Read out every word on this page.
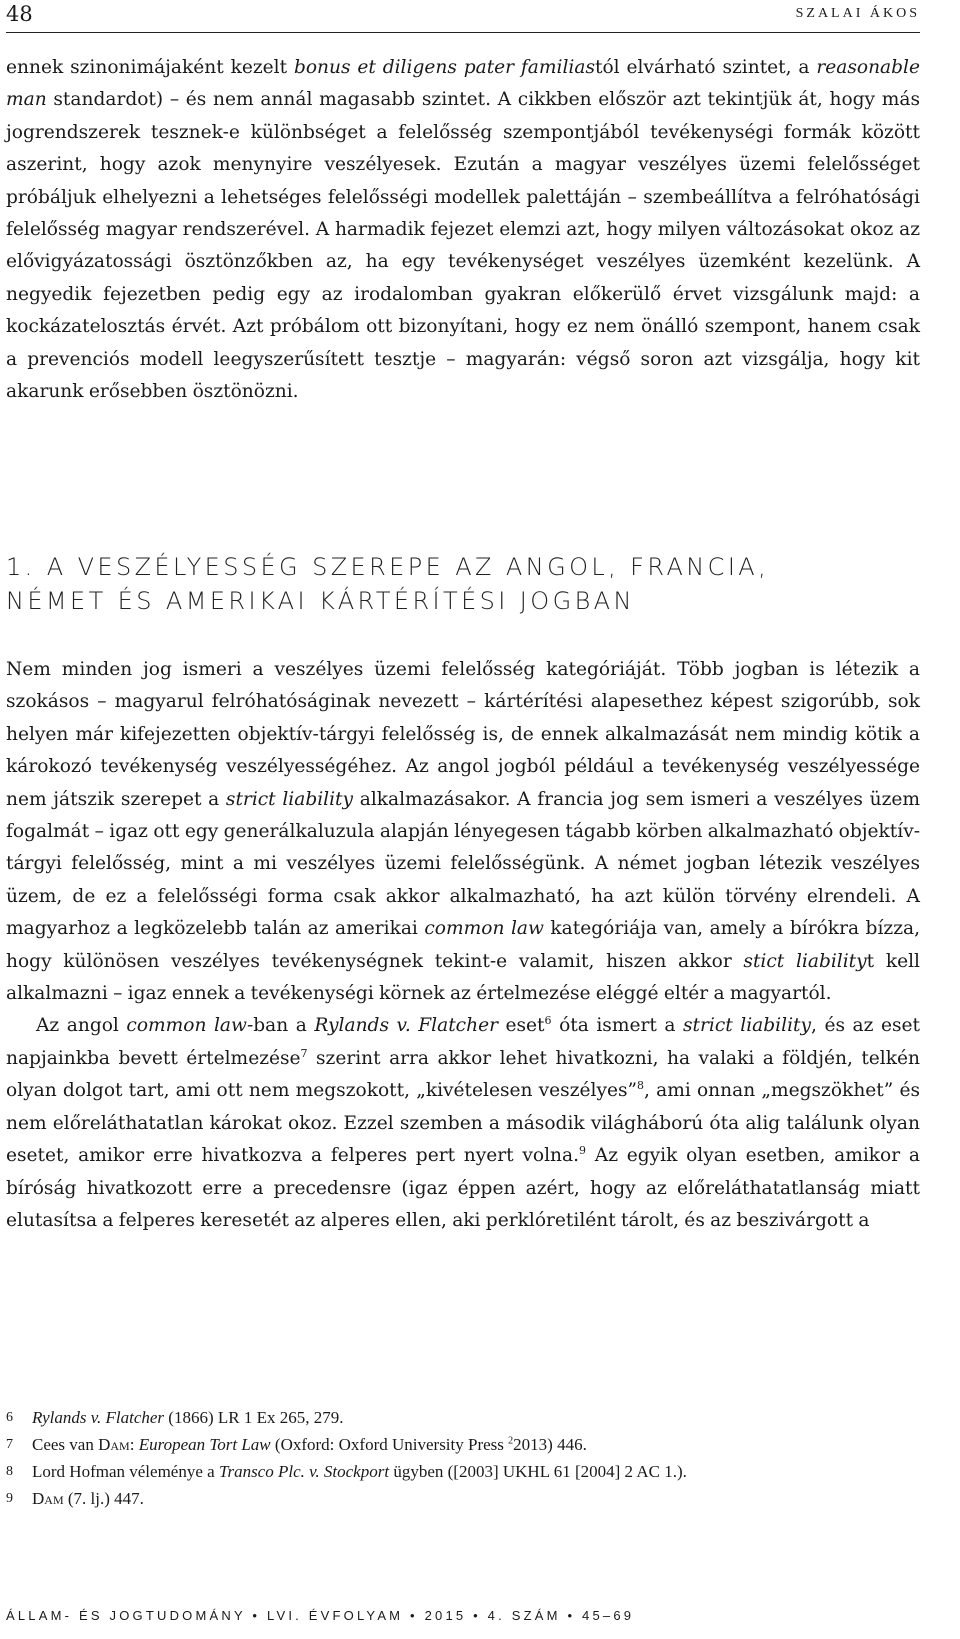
48	SZALAI ÁKOS

ennek szinonimájaként kezelt bonus et diligens pater familiastól elvárható szintet, a reasonable man standardot) – és nem annál magasabb szintet. A cikkben először azt tekintjük át, hogy más jogrendszerek tesznek-e különbséget a felelősség szempontjából tevékenységi formák között aszerint, hogy azok menynyire veszélyesek. Ezután a magyar veszélyes üzemi felelősséget próbáljuk elhelyezni a lehetséges felelősségi modellek palettáján – szembeállítva a felróhatósági felelősség magyar rendszerével. A harmadik fejezet elemzi azt, hogy milyen változásokat okoz az elővigyázatossági ösztönzőkben az, ha egy tevékenységet veszélyes üzemként kezelünk. A negyedik fejezetben pedig egy az irodalomban gyakran előkerülő érvet vizsgálunk majd: a kockázatelosztás érvét. Azt próbálom ott bizonyítani, hogy ez nem önálló szempont, hanem csak a prevenciós modell leegyszerűsített tesztje – magyarán: végső soron azt vizsgálja, hogy kit akarunk erősebben ösztönözni.

1. A VESZÉLYESSÉG SZEREPE AZ ANGOL, FRANCIA,
NÉMET ÉS AMERIKAI KÁRTÉRÍTÉSI JOGBAN

Nem minden jog ismeri a veszélyes üzemi felelősség kategóriáját. Több jogban is létezik a szokásos – magyarul felróhatóságinak nevezett – kártérítési alapesethez képest szigorúbb, sok helyen már kifejezetten objektív-tárgyi felelősség is, de ennek alkalmazását nem mindig kötik a károkozó tevékenység veszélyességéhez. Az angol jogból például a tevékenység veszélyessége nem játszik szerepet a strict liability alkalmazásakor. A francia jog sem ismeri a veszélyes üzem fogalmát – igaz ott egy generálkaluzula alapján lényegesen tágabb körben alkalmazható objektív-tárgyi felelősség, mint a mi veszélyes üzemi felelősségünk. A német jogban létezik veszélyes üzem, de ez a felelősségi forma csak akkor alkalmazható, ha azt külön törvény elrendeli. A magyarhoz a legközelebb talán az amerikai common law kategóriája van, amely a bírókra bízza, hogy különösen veszélyes tevékenységnek tekint-e valamit, hiszen akkor stict liabilityt kell alkalmazni – igaz ennek a tevékenységi körnek az értelmezése eléggé eltér a magyartól.

Az angol common law-ban a Rylands v. Flatcher eset$^6$ óta ismert a strict liability, és az eset napjainkba bevett értelmezése$^7$ szerint arra akkor lehet hivatkozni, ha valaki a földjén, telkén olyan dolgot tart, ami ott nem megszokott, „kivételesen veszélyes”$^8$, ami onnan „megszökhet” és nem előreláthatatlan károkat okoz. Ezzel szemben a második világháború óta alig találunk olyan esetet, amikor erre hivatkozva a felperes pert nyert volna.$^9$ Az egyik olyan esetben, amikor a bíróság hivatkozott erre a precedensre (igaz éppen azért, hogy az előreláthatatlanság miatt elutasítsa a felperes keresetét az alperes ellen, aki perklóretilént tárolt, és az beszivárgott a

6	Rylands v. Flatcher (1866) LR 1 Ex 265, 279.
7	Cees van Dam: European Tort Law (Oxford: Oxford University Press $^2$2013) 446.
8	Lord Hofman véleménye a Transco Plc. v. Stockport ügyben ([2003] UKHL 61 [2004] 2 AC 1.).
9	Dam (7. lj.) 447.
ÁLLAM- ÉS JOGTUDOMÁNY • LVI. ÉVFOLYAM • 2015 • 4. SZÁM • 45–69
